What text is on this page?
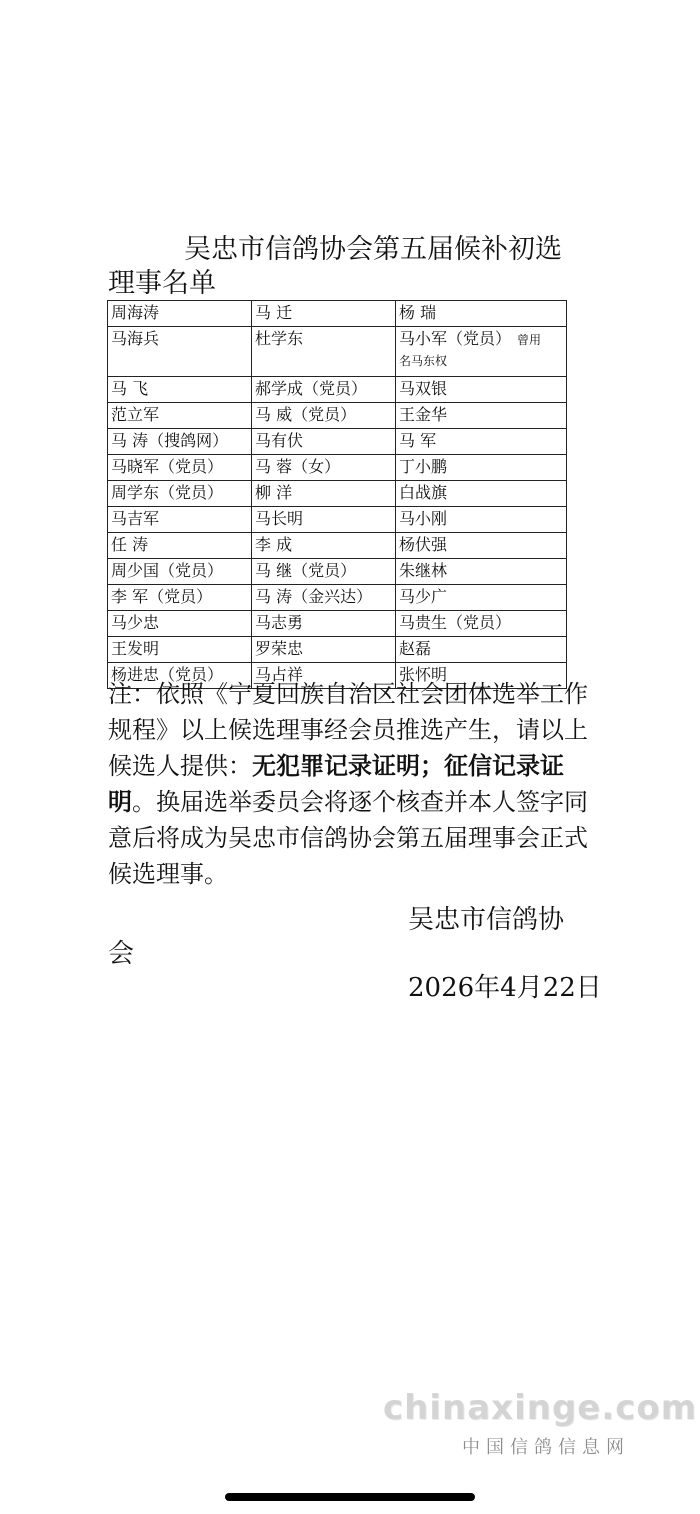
吴忠市信鸽协会第五届候补初选
理事名单
周海涛	马 迁	杨 瑞
马海兵	杜学东	马小军（党员） 曾用
名马东权
马 飞	郝学成（党员）	马双银
范立军	马 威（党员）	王金华
马 涛（搜鸽网）	马有伏	马 军
马晓军（党员）	马 蓉（女）	丁小鹏
周学东（党员）	柳 洋	白战旗
马吉军	马长明	马小刚
任 涛	李 成	杨伏强
周少国（党员）	马 继（党员）	朱继林
李 军（党员）	马 涛（金兴达）	马少广
马少忠	马志勇	马贵生（党员）
王发明	罗荣忠	赵磊
杨进忠（党员）	马占祥	张怀明
注：依照《宁夏回族自治区社会团体选举工作规程》以上候选理事经会员推选产生，请以上候选人提供：无犯罪记录证明；征信记录证明。换届选举委员会将逐个核查并本人签字同意后将成为吴忠市信鸽协会第五届理事会正式候选理事。
吴忠市信鸽协
会
2026年4月22日
chinaxinge.com
中国信鸽信息网
